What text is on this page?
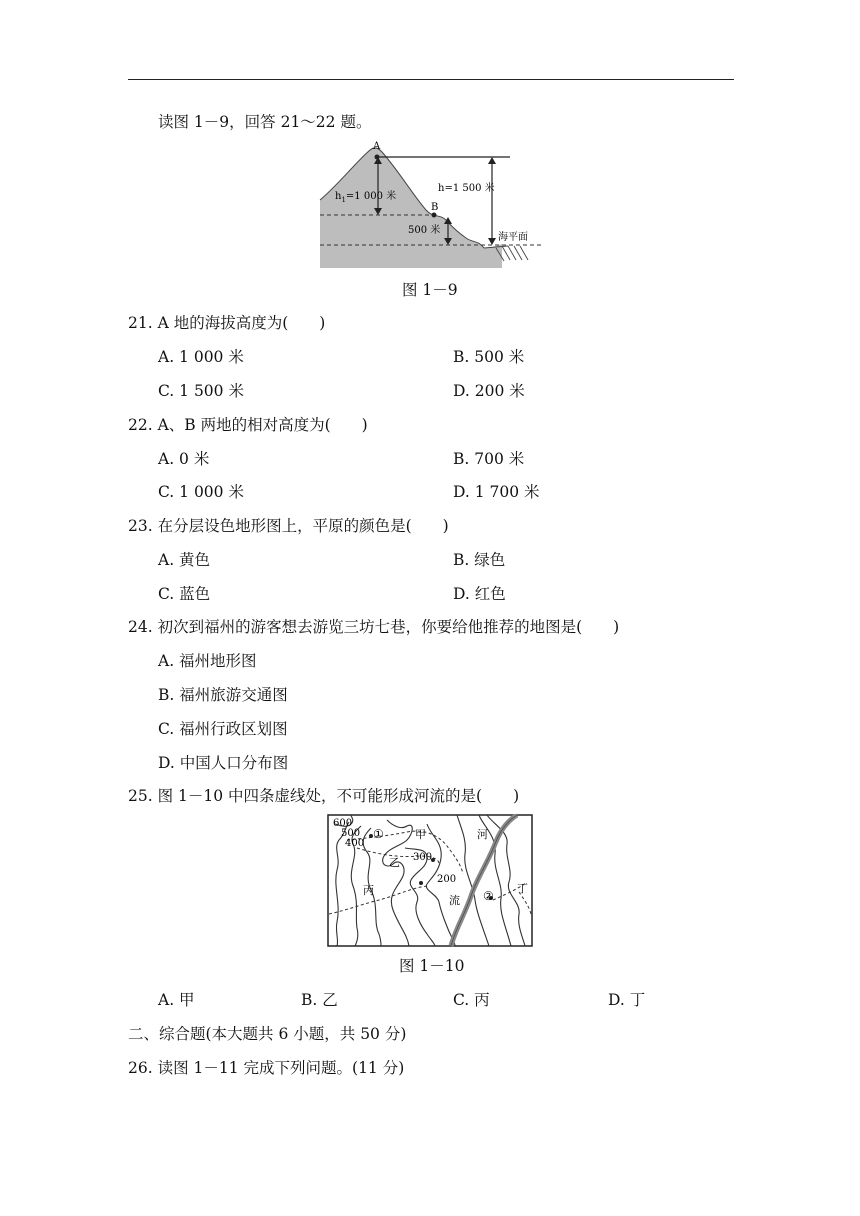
读图 1－9，回答 21～22 题。
A
B
$h_1=1$ 000 米
h=1 500 米
500 米
海平面
图 1－9
21. A 地的海拔高度为(　　)
A. 1 000 米	B. 500 米
C. 1 500 米	D. 200 米
22. A、B 两地的相对高度为(　　)
A. 0 米	B. 700 米
C. 1 000 米	D. 1 700 米
23. 在分层设色地形图上，平原的颜色是(　　)
A. 黄色	B. 绿色
C. 蓝色	D. 红色
24. 初次到福州的游客想去游览三坊七巷，你要给他推荐的地图是(　　)
A. 福州地形图
B. 福州旅游交通图
C. 福州行政区划图
D. 中国人口分布图
25. 图 1－10 中四条虚线处，不可能形成河流的是(　　)
600
500
400
300
200
①
②
甲
乙
丙	丁
河
流
图 1－10
A. 甲	B. 乙	C. 丙	D. 丁
二、综合题(本大题共 6 小题，共 50 分)
26. 读图 1－11 完成下列问题。(11 分)
